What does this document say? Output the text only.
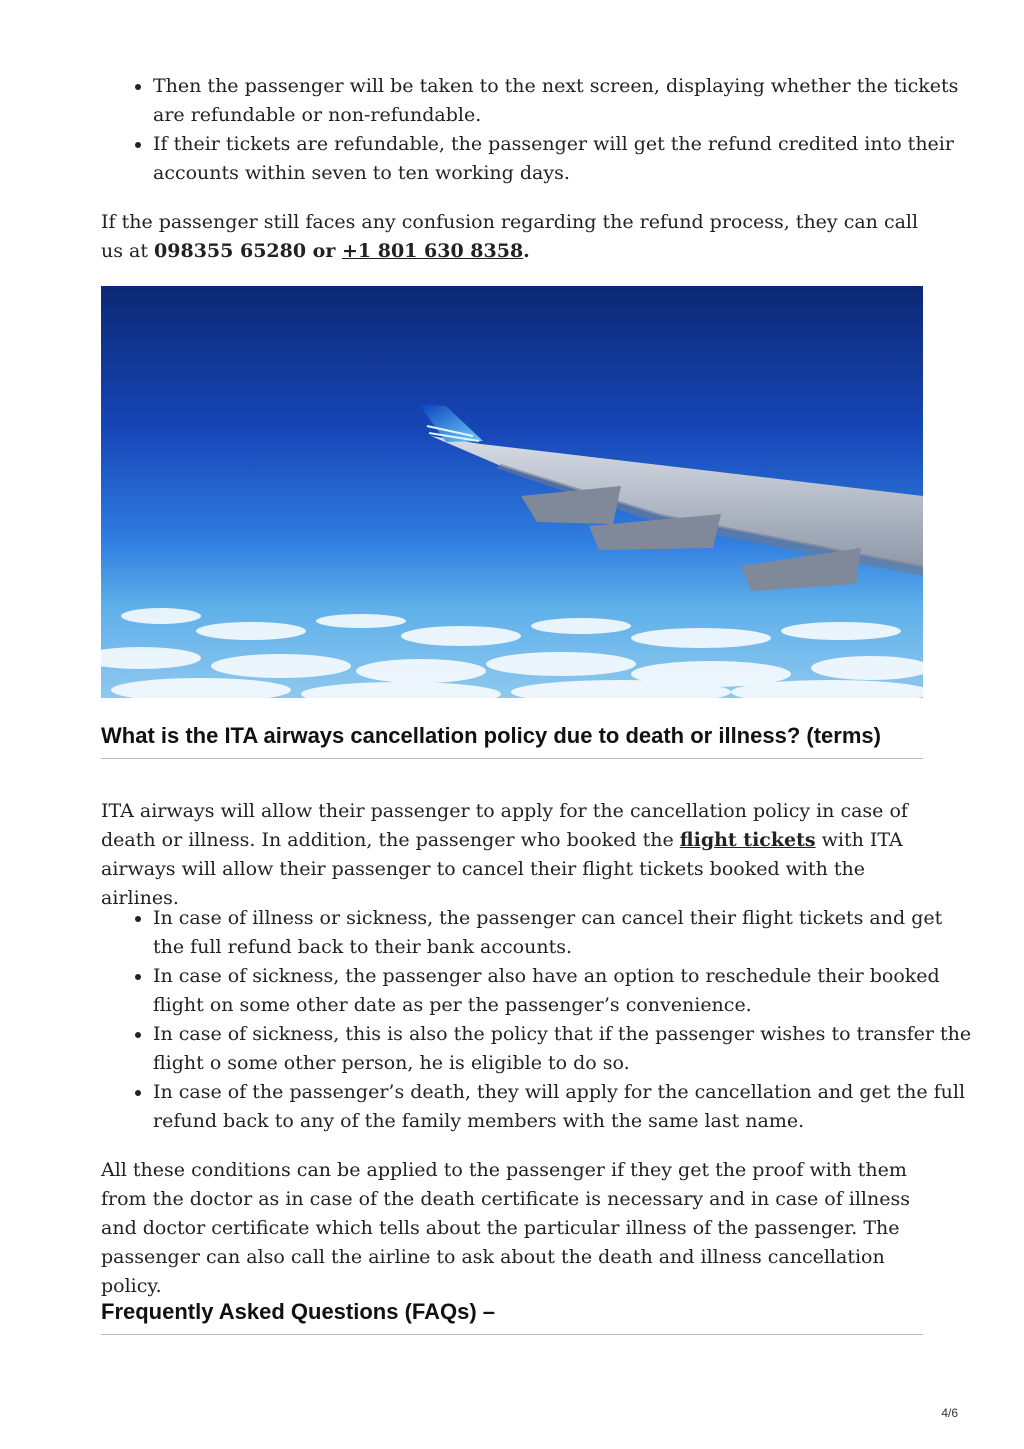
• Then the passenger will be taken to the next screen, displaying whether the tickets are refundable or non-refundable.
• If their tickets are refundable, the passenger will get the refund credited into their accounts within seven to ten working days.

If the passenger still faces any confusion regarding the refund process, they can call us at 098355 65280 or +1 801 630 8358.

What is the ITA airways cancellation policy due to death or illness? (terms)

ITA airways will allow their passenger to apply for the cancellation policy in case of death or illness. In addition, the passenger who booked the flight tickets with ITA airways will allow their passenger to cancel their flight tickets booked with the airlines.

• In case of illness or sickness, the passenger can cancel their flight tickets and get the full refund back to their bank accounts.
• In case of sickness, the passenger also have an option to reschedule their booked flight on some other date as per the passenger’s convenience.
• In case of sickness, this is also the policy that if the passenger wishes to transfer the flight o some other person, he is eligible to do so.
• In case of the passenger’s death, they will apply for the cancellation and get the full refund back to any of the family members with the same last name.

All these conditions can be applied to the passenger if they get the proof with them from the doctor as in case of the death certificate is necessary and in case of illness and doctor certificate which tells about the particular illness of the passenger. The passenger can also call the airline to ask about the death and illness cancellation policy.

Frequently Asked Questions (FAQs) –
4/6
